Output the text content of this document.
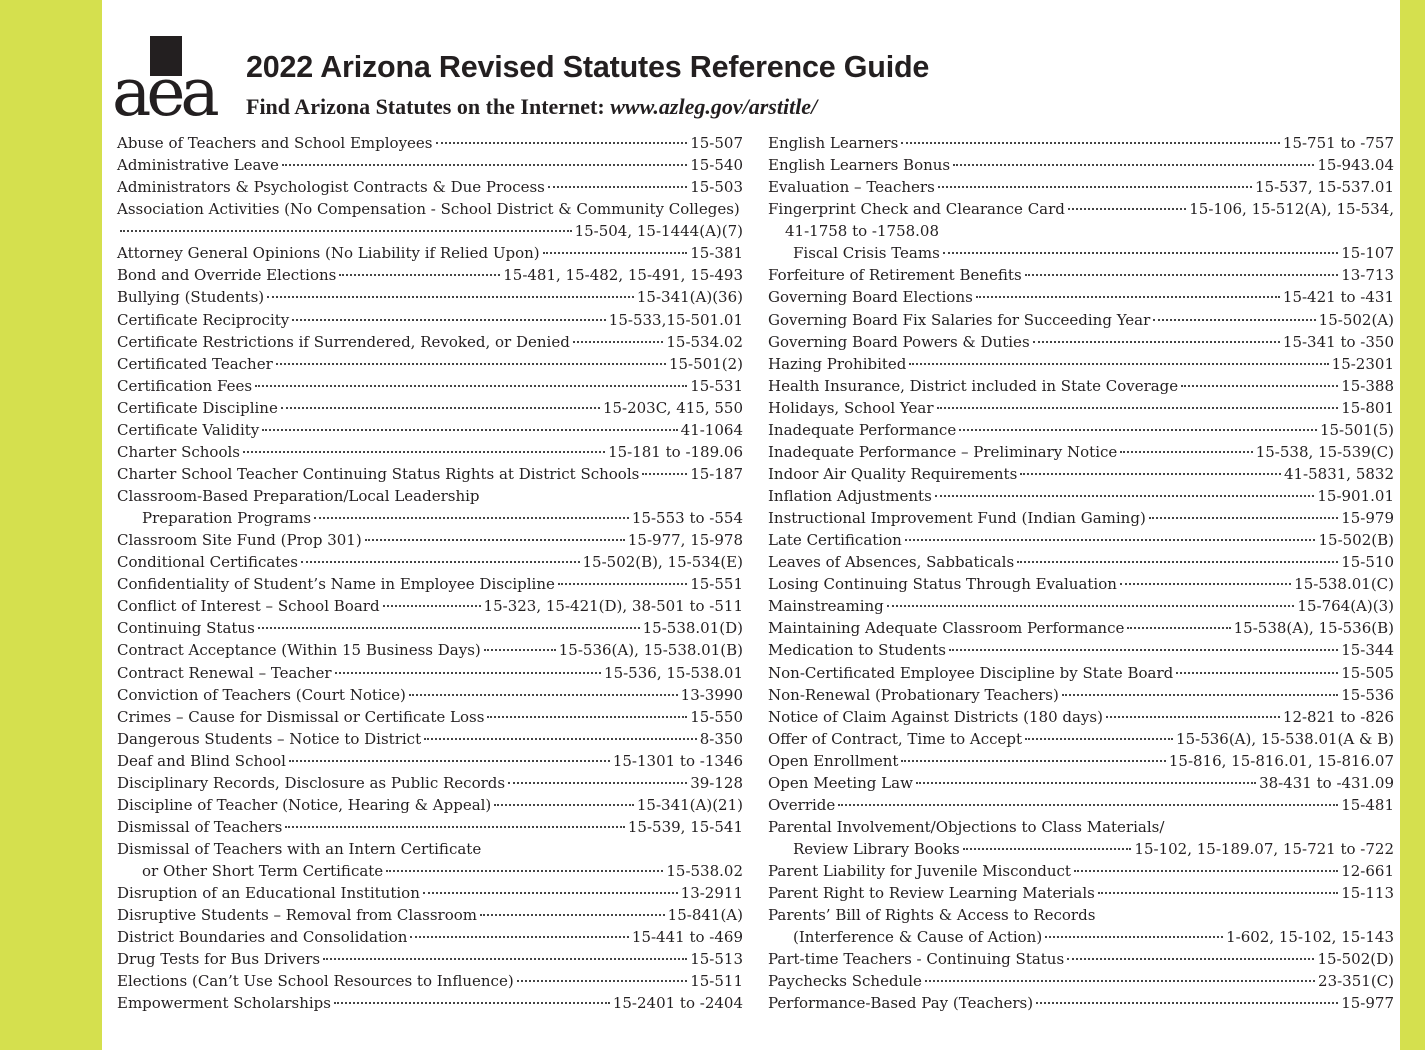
aea 2022 Arizona Revised Statutes Reference Guide
Find Arizona Statutes on the Internet: www.azleg.gov/arstitle/
Abuse of Teachers and School Employees	15-507
Administrative Leave	15-540
Administrators & Psychologist Contracts & Due Process	15-503
Association Activities (No Compensation - School District & Community Colleges)
15-504, 15-1444(A)(7)
Attorney General Opinions (No Liability if Relied Upon)	15-381
Bond and Override Elections	15-481, 15-482, 15-491, 15-493
Bullying (Students)	15-341(A)(36)
Certificate Reciprocity	15-533,15-501.01
Certificate Restrictions if Surrendered, Revoked, or Denied	15-534.02
Certificated Teacher	15-501(2)
Certification Fees	15-531
Certificate Discipline	15-203C, 415, 550
Certificate Validity	41-1064
Charter Schools	15-181 to -189.06
Charter School Teacher Continuing Status Rights at District Schools	15-187
Classroom-Based Preparation/Local Leadership
Preparation Programs	15-553 to -554
Classroom Site Fund (Prop 301)	15-977, 15-978
Conditional Certificates	15-502(B), 15-534(E)
Confidentiality of Student’s Name in Employee Discipline	15-551
Conflict of Interest – School Board	15-323, 15-421(D), 38-501 to -511
Continuing Status	15-538.01(D)
Contract Acceptance (Within 15 Business Days)	15-536(A), 15-538.01(B)
Contract Renewal – Teacher	15-536, 15-538.01
Conviction of Teachers (Court Notice)	13-3990
Crimes – Cause for Dismissal or Certificate Loss	15-550
Dangerous Students – Notice to District	8-350
Deaf and Blind School	15-1301 to -1346
Disciplinary Records, Disclosure as Public Records	39-128
Discipline of Teacher (Notice, Hearing & Appeal)	15-341(A)(21)
Dismissal of Teachers	15-539, 15-541
Dismissal of Teachers with an Intern Certificate
or Other Short Term Certificate	15-538.02
Disruption of an Educational Institution	13-2911
Disruptive Students – Removal from Classroom	15-841(A)
District Boundaries and Consolidation	15-441 to -469
Drug Tests for Bus Drivers	15-513
Elections (Can’t Use School Resources to Influence)	15-511
Empowerment Scholarships	15-2401 to -2404
English Learners	15-751 to -757
English Learners Bonus	15-943.04
Evaluation – Teachers	15-537, 15-537.01
Fingerprint Check and Clearance Card	15-106, 15-512(A), 15-534,
41-1758 to -1758.08
Fiscal Crisis Teams	15-107
Forfeiture of Retirement Benefits	13-713
Governing Board Elections	15-421 to -431
Governing Board Fix Salaries for Succeeding Year	15-502(A)
Governing Board Powers & Duties	15-341 to -350
Hazing Prohibited	15-2301
Health Insurance, District included in State Coverage	15-388
Holidays, School Year	15-801
Inadequate Performance	15-501(5)
Inadequate Performance – Preliminary Notice	15-538, 15-539(C)
Indoor Air Quality Requirements	41-5831, 5832
Inflation Adjustments	15-901.01
Instructional Improvement Fund (Indian Gaming)	15-979
Late Certification	15-502(B)
Leaves of Absences, Sabbaticals	15-510
Losing Continuing Status Through Evaluation	15-538.01(C)
Mainstreaming	15-764(A)(3)
Maintaining Adequate Classroom Performance	15-538(A), 15-536(B)
Medication to Students	15-344
Non-Certificated Employee Discipline by State Board	15-505
Non-Renewal (Probationary Teachers)	15-536
Notice of Claim Against Districts (180 days)	12-821 to -826
Offer of Contract, Time to Accept	15-536(A), 15-538.01(A & B)
Open Enrollment	15-816, 15-816.01, 15-816.07
Open Meeting Law	38-431 to -431.09
Override	15-481
Parental Involvement/Objections to Class Materials/
Review Library Books	15-102, 15-189.07, 15-721 to -722
Parent Liability for Juvenile Misconduct	12-661
Parent Right to Review Learning Materials	15-113
Parents’ Bill of Rights & Access to Records
(Interference & Cause of Action)	1-602, 15-102, 15-143
Part-time Teachers - Continuing Status	15-502(D)
Paychecks Schedule	23-351(C)
Performance-Based Pay (Teachers)	15-977
